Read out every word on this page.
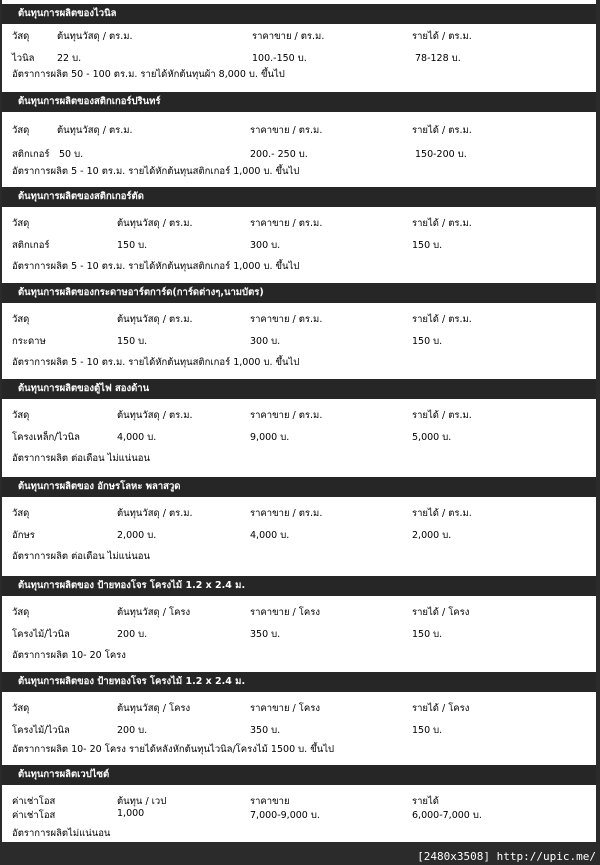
ต้นทุนการผลิตของไวนิล
วัสดุ	ต้นทุนวัสดุ / ตร.ม.	ราคาขาย / ตร.ม.	รายได้ / ตร.ม.
ไวนิล 22 บ.	100.-150 บ.	78-128 บ.
อัตราการผลิต 50 - 100 ตร.ม. รายได้หักต้นทุนผ้า 8,000 บ. ขึ้นไป
ต้นทุนการผลิตของสติกเกอร์ปรินทร์
วัสดุ	ต้นทุนวัสดุ / ตร.ม.	ราคาขาย / ตร.ม.	รายได้ / ตร.ม.
สติกเกอร์ 50 บ.	200.- 250 บ.	150-200 บ.
อัตราการผลิต 5 - 10 ตร.ม. รายได้หักต้นทุนสติกเกอร์ 1,000 บ. ขึ้นไป
ต้นทุนการผลิตของสติกเกอร์ตัด
วัสดุ	ต้นทุนวัสดุ / ตร.ม.	ราคาขาย / ตร.ม.	รายได้ / ตร.ม.
สติกเกอร์	150 บ.	300 บ.	150 บ.
อัตราการผลิต 5 - 10 ตร.ม. รายได้หักต้นทุนสติกเกอร์ 1,000 บ. ขึ้นไป
ต้นทุนการผลิตของกระดาษอาร์ตการ์ด(การ์ดต่างๆ,นามบัตร)
วัสดุ	ต้นทุนวัสดุ / ตร.ม.	ราคาขาย / ตร.ม.	รายได้ / ตร.ม.
กระดาษ	150 บ.	300 บ.	150 บ.
อัตราการผลิต 5 - 10 ตร.ม. รายได้หักต้นทุนสติกเกอร์ 1,000 บ. ขึ้นไป
ต้นทุนการผลิตของตู้ไฟ สองด้าน
วัสดุ	ต้นทุนวัสดุ / ตร.ม.	ราคาขาย / ตร.ม.	รายได้ / ตร.ม.
โครงเหล็ก/ไวนิล	4,000 บ.	9,000 บ.	5,000 บ.
อัตราการผลิต ต่อเดือน ไม่แน่นอน
ต้นทุนการผลิตของ อักษรโลหะ พลาสวูด
วัสดุ	ต้นทุนวัสดุ / ตร.ม.	ราคาขาย / ตร.ม.	รายได้ / ตร.ม.
อักษร	2,000 บ.	4,000 บ.	2,000 บ.
อัตราการผลิต ต่อเดือน ไม่แน่นอน
ต้นทุนการผลิตของ ป้ายทองโจร โครงไม้ 1.2 x 2.4 ม.
วัสดุ	ต้นทุนวัสดุ / โครง	ราคาขาย / โครง	รายได้ / โครง
โครงไม้/ไวนิล	200 บ.	350 บ.	150 บ.
อัตราการผลิต 10- 20 โครง
ต้นทุนการผลิตของ ป้ายทองโจร โครงไม้ 1.2 x 2.4 ม.
วัสดุ	ต้นทุนวัสดุ / โครง	ราคาขาย / โครง	รายได้ / โครง
โครงไม้/ไวนิล	200 บ.	350 บ.	150 บ.
อัตราการผลิต 10- 20 โครง รายได้หลังหักต้นทุนไวนิล/โครงไม้ 1500 บ. ขึ้นไป
ต้นทุนการผลิตเวปไซต์
ค่าเช่าโอส	ต้นทุน / เวป	ราคาขาย	รายได้
ค่าเช่าโอส	1,000	7,000-9,000 บ.	6,000-7,000 บ.
อัตราการผลิตไม่แน่นอน
[2480x3508] http://upic.me/
